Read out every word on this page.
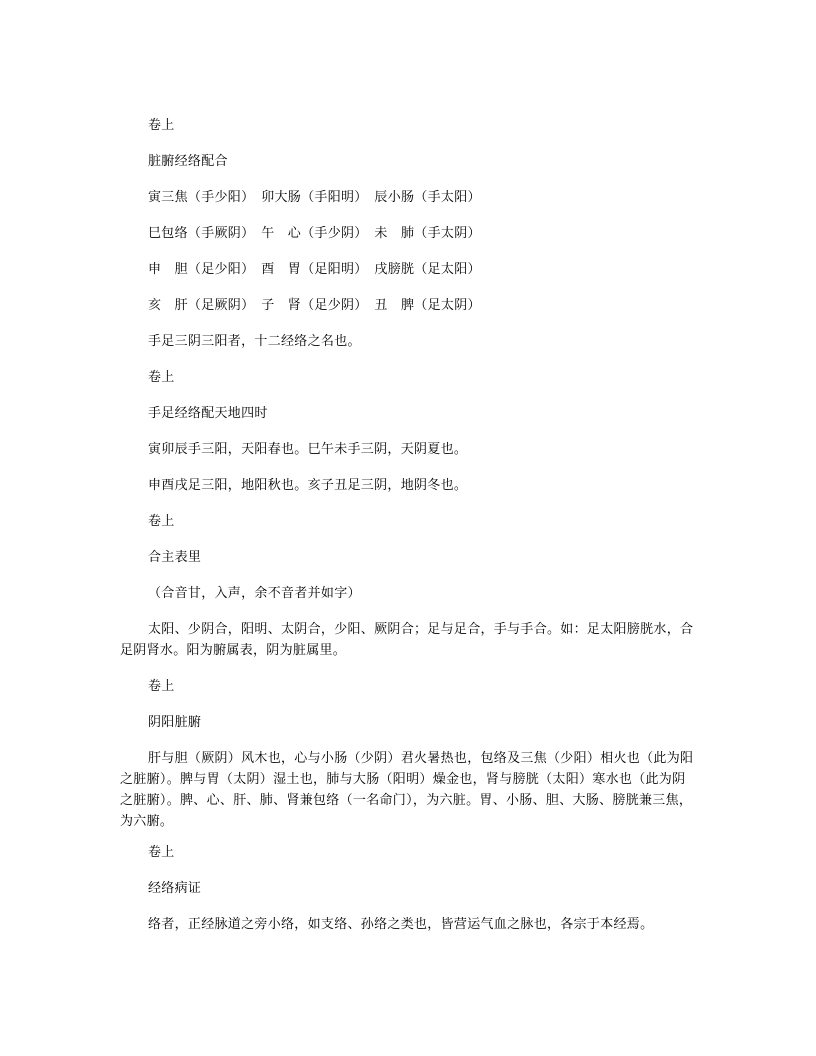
卷上

脏腑经络配合

寅三焦（手少阳）　卯大肠（手阳明）　辰小肠（手太阳）

巳包络（手厥阴）　午　心（手少阴）　未　肺（手太阴）

申　胆（足少阳）　酉　胃（足阳明）　戌膀胱（足太阳）

亥　肝（足厥阴）　子　肾（足少阴）　丑　脾（足太阴）

手足三阴三阳者，十二经络之名也。

卷上

手足经络配天地四时

寅卯辰手三阳，天阳春也。巳午未手三阴，天阴夏也。

申酉戌足三阳，地阳秋也。亥子丑足三阴，地阴冬也。

卷上

合主表里

（合音甘，入声，余不音者并如字）

太阳、少阴合，阳明、太阴合，少阳、厥阴合；足与足合，手与手合。如：足太阳膀胱水，合足阴肾水。阳为腑属表，阴为脏属里。

卷上

阴阳脏腑

肝与胆（厥阴）风木也，心与小肠（少阴）君火暑热也，包络及三焦（少阳）相火也（此为阳之脏腑）。脾与胃（太阴）湿土也，肺与大肠（阳明）燥金也，肾与膀胱（太阳）寒水也（此为阴之脏腑）。脾、心、肝、肺、肾兼包络（一名命门），为六脏。胃、小肠、胆、大肠、膀胱兼三焦，为六腑。

卷上

经络病证

络者，正经脉道之旁小络，如支络、孙络之类也，皆营运气血之脉也，各宗于本经焉。
